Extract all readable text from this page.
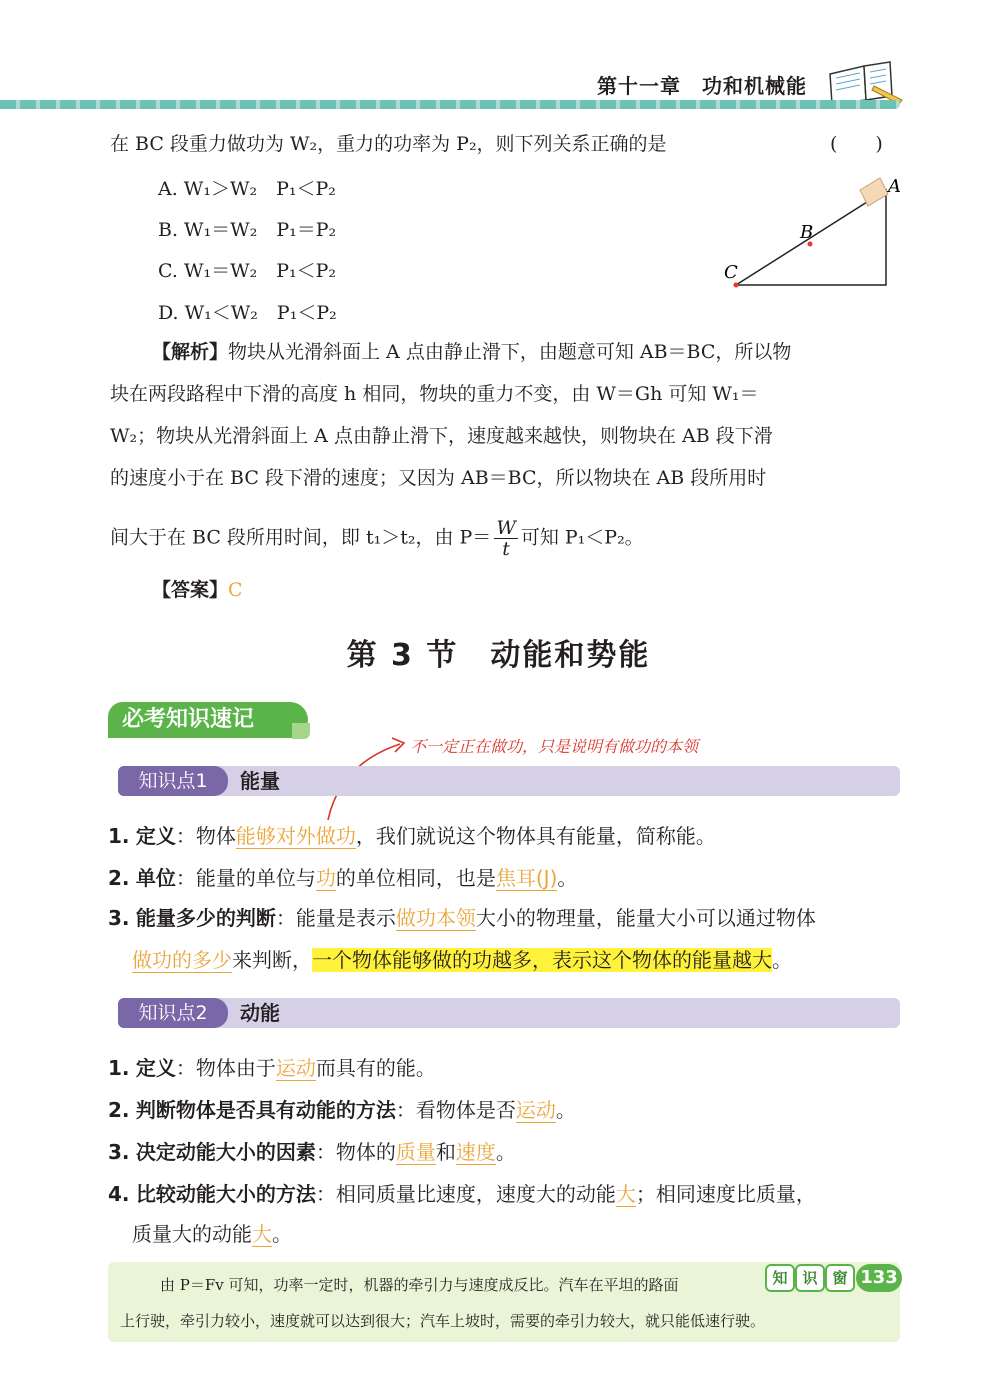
第十一章　功和机械能
在 BC 段重力做功为 W₂，重力的功率为 P₂，则下列关系正确的是	(　　)
A. W₁＞W₂　P₁＜P₂
B. W₁＝W₂　P₁＝P₂
C. W₁＝W₂　P₁＜P₂
D. W₁＜W₂　P₁＜P₂
A
B
C
【解析】物块从光滑斜面上 A 点由静止滑下，由题意可知 AB＝BC，所以物
块在两段路程中下滑的高度 h 相同，物块的重力不变，由 W＝Gh 可知 W₁＝
W₂；物块从光滑斜面上 A 点由静止滑下，速度越来越快，则物块在 AB 段下滑
的速度小于在 BC 段下滑的速度；又因为 AB＝BC，所以物块在 AB 段所用时
间大于在 BC 段所用时间，即 t₁＞t₂，由 $P= \frac{W}{t}$ 可知 P₁＜P₂。
【答案】C
第 3 节　动能和势能
必考知识速记
不一定正在做功，只是说明有做功的本领
知识点1	能量
1. 定义：物体能够对外做功，我们就说这个物体具有能量，简称能。
2. 单位：能量的单位与功的单位相同，也是焦耳(J)。
3. 能量多少的判断：能量是表示做功本领大小的物理量，能量大小可以通过物体
做功的多少来判断，一个物体能够做的功越多，表示这个物体的能量越大。
知识点2	动能
1. 定义：物体由于运动而具有的能。
2. 判断物体是否具有动能的方法：看物体是否运动。
3. 决定动能大小的因素：物体的质量和速度。
4. 比较动能大小的方法：相同质量比速度，速度大的动能大；相同速度比质量，
质量大的动能大。
由 P＝Fv 可知，功率一定时，机器的牵引力与速度成反比。汽车在平坦的路面
上行驶，牵引力较小，速度就可以达到很大；汽车上坡时，需要的牵引力较大，就只能低速行驶。
知 识 窗 133
